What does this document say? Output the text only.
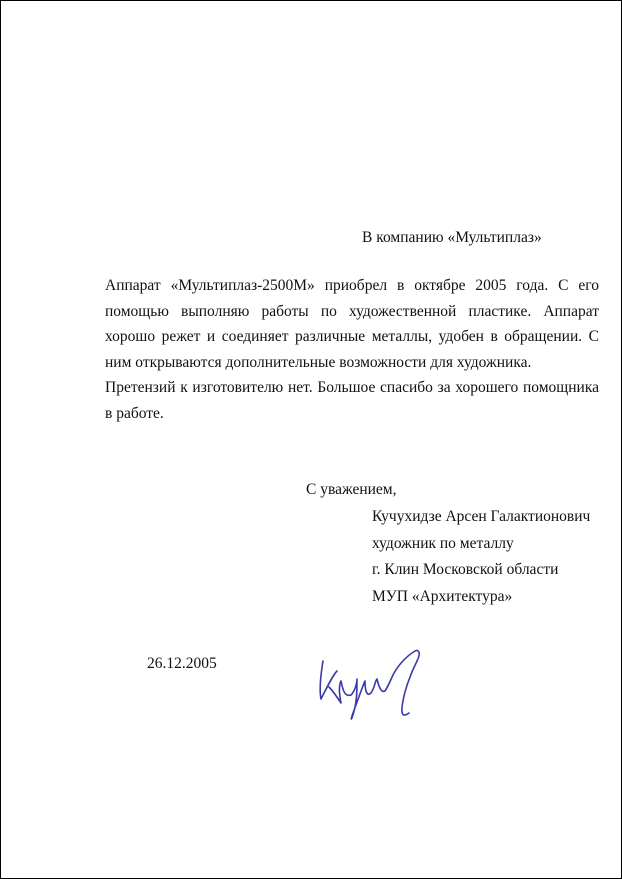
В компанию «Мультиплаз»

Аппарат «Мультиплаз-2500М» приобрел в октябре 2005 года. С его помощью выполняю работы по художественной пластике. Аппарат хорошо режет и соединяет различные металлы, удобен в обращении. С ним открываются дополнительные возможности для художника.

Претензий к изготовителю нет. Большое спасибо за хорошего помощника в работе.

С уважением,
Кучухидзе Арсен Галактионович
художник по металлу
г. Клин Московской области
МУП «Архитектура»
26.12.2005
